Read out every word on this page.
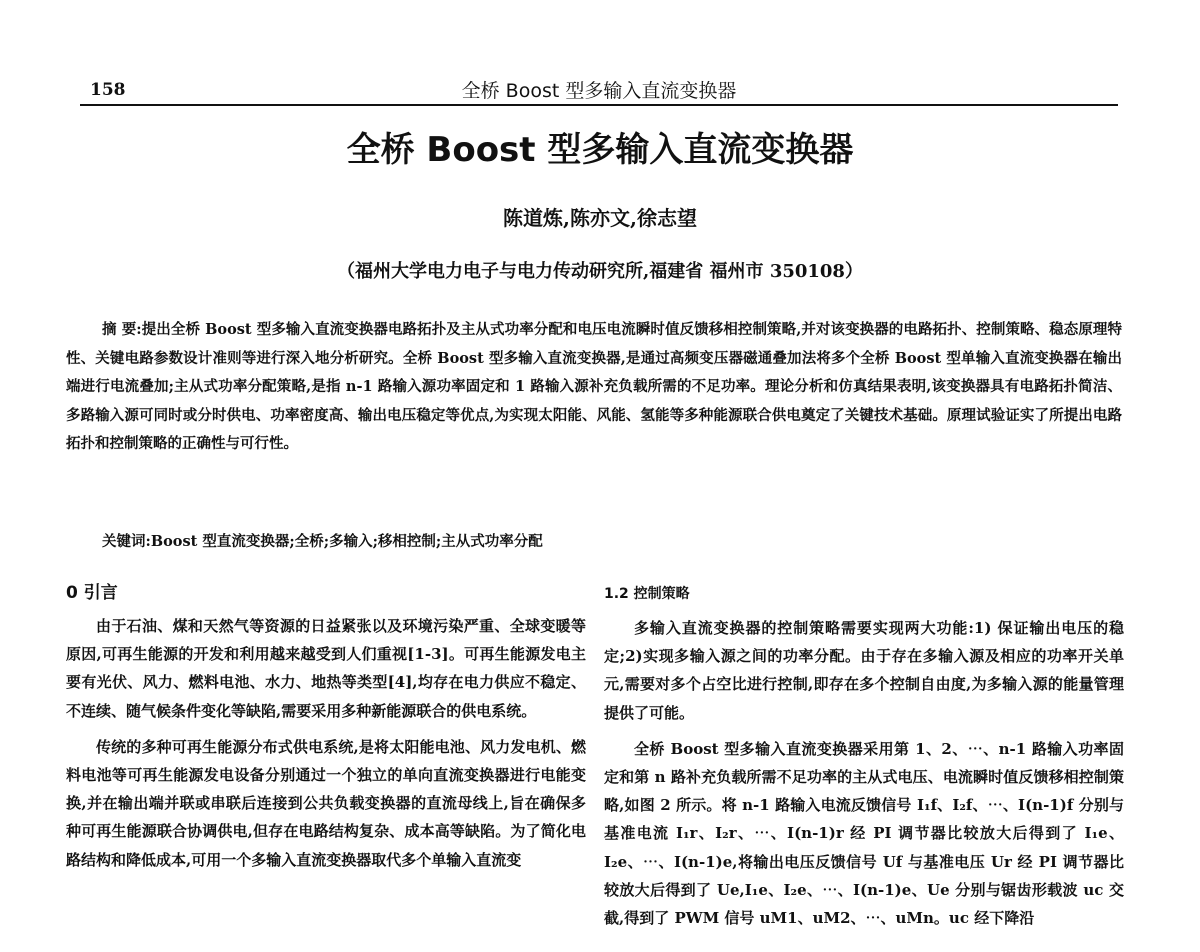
158	全桥 Boost 型多输入直流变换器
全桥 Boost 型多输入直流变换器
陈道炼,陈亦文,徐志望
（福州大学电力电子与电力传动研究所,福建省 福州市 350108）

摘 要:提出全桥 Boost 型多输入直流变换器电路拓扑及主从式功率分配和电压电流瞬时值反馈移相控制策略,并对该变换器的电路拓扑、控制策略、稳态原理特性、关键电路参数设计准则等进行深入地分析研究。全桥 Boost 型多输入直流变换器,是通过高频变压器磁通叠加法将多个全桥 Boost 型单输入直流变换器在输出端进行电流叠加;主从式功率分配策略,是指 n-1 路输入源功率固定和 1 路输入源补充负载所需的不足功率。理论分析和仿真结果表明,该变换器具有电路拓扑简洁、多路输入源可同时或分时供电、功率密度高、输出电压稳定等优点,为实现太阳能、风能、氢能等多种能源联合供电奠定了关键技术基础。原理试验证实了所提出电路拓扑和控制策略的正确性与可行性。

关键词:Boost 型直流变换器;全桥;多输入;移相控制;主从式功率分配

0 引言

由于石油、煤和天然气等资源的日益紧张以及环境污染严重、全球变暖等原因,可再生能源的开发和利用越来越受到人们重视[1-3]。可再生能源发电主要有光伏、风力、燃料电池、水力、地热等类型[4],均存在电力供应不稳定、不连续、随气候条件变化等缺陷,需要采用多种新能源联合的供电系统。

传统的多种可再生能源分布式供电系统,是将太阳能电池、风力发电机、燃料电池等可再生能源发电设备分别通过一个独立的单向直流变换器进行电能变换,并在输出端并联或串联后连接到公共负载变换器的直流母线上,旨在确保多种可再生能源联合协调供电,但存在电路结构复杂、成本高等缺陷。为了简化电路结构和降低成本,可用一个多输入直流变换器取代多个单输入直流变

1.2 控制策略

多输入直流变换器的控制策略需要实现两大功能:1) 保证输出电压的稳定;2)实现多输入源之间的功率分配。由于存在多输入源及相应的功率开关单元,需要对多个占空比进行控制,即存在多个控制自由度,为多输入源的能量管理提供了可能。

全桥 Boost 型多输入直流变换器采用第 1、2、⋯、n-1 路输入功率固定和第 n 路补充负载所需不足功率的主从式电压、电流瞬时值反馈移相控制策略,如图 2 所示。将 n-1 路输入电流反馈信号 I₁f、I₂f、⋯、I(n-1)f 分别与基准电流 I₁r、I₂r、⋯、I(n-1)r 经 PI 调节器比较放大后得到了 I₁e、I₂e、⋯、I(n-1)e,将输出电压反馈信号 Uf 与基准电压 Ur 经 PI 调节器比较放大后得到了 Ue,I₁e、I₂e、⋯、I(n-1)e、Ue 分别与锯齿形载波 uc 交截,得到了 PWM 信号 uM1、uM2、⋯、uMn。uc 经下降沿
